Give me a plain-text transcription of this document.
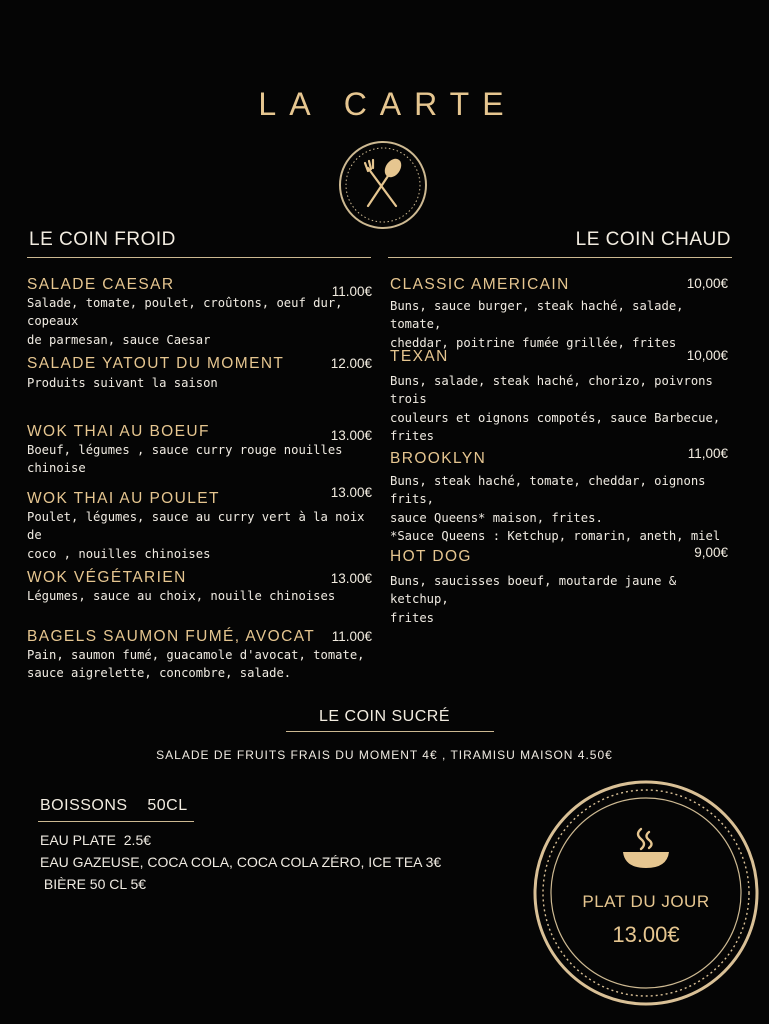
LA CARTE
LE COIN FROID	LE COIN CHAUD
SALADE CAESAR	11.00€
Salade, tomate, poulet, croûtons, oeuf dur, copeaux
de parmesan, sauce Caesar
SALADE YATOUT DU MOMENT	12.00€
Produits suivant la saison
WOK THAI AU BOEUF	13.00€
Boeuf, légumes , sauce curry rouge nouilles chinoise
WOK THAI AU POULET	13.00€
Poulet, légumes, sauce au curry vert à la noix de
coco , nouilles chinoises
WOK VÉGÉTARIEN	13.00€
Légumes, sauce au choix, nouille chinoises
BAGELS SAUMON FUMÉ, AVOCAT	11.00€
Pain, saumon fumé, guacamole d'avocat, tomate,
sauce aigrelette, concombre, salade.
CLASSIC AMERICAIN	10,00€
Buns, sauce burger, steak haché, salade, tomate,
cheddar, poitrine fumée grillée, frites
TEXAN	10,00€
Buns, salade, steak haché, chorizo, poivrons trois
couleurs et oignons compotés, sauce Barbecue,
frites
BROOKLYN	11,00€
Buns, steak haché, tomate, cheddar, oignons frits,
sauce Queens* maison, frites.
*Sauce Queens : Ketchup, romarin, aneth, miel
HOT DOG	9,00€
Buns, saucisses boeuf, moutarde jaune & ketchup,
frites
LE COIN SUCRÉ
SALADE DE FRUITS FRAIS DU MOMENT 4€ , TIRAMISU MAISON 4.50€
BOISSONS    50CL
EAU PLATE  2.5€
EAU GAZEUSE, COCA COLA, COCA COLA ZÉRO, ICE TEA 3€
BIÈRE 50 CL 5€
PLAT DU JOUR
13.00€
